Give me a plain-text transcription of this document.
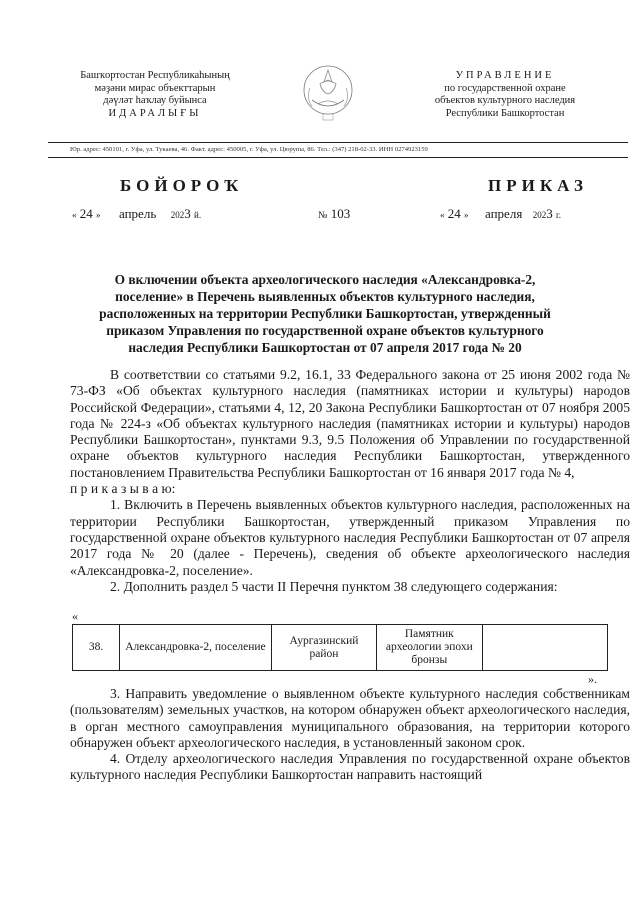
Башҡортостан Республикаһының
мәҙәни мирас объекттарын
дәүләт һаҡлау буйынса
ИДАРАЛЫҒЫ
УПРАВЛЕНИЕ
по государственной охране
объектов культурного наследия
Республики Башкортостан
Юр. адрес: 450101, г. Уфа, ул. Тукаева, 46. Факт. адрес: 450005, г. Уфа, ул. Цюрупы, 86. Тел.: (347) 218-02-33. ИНН 0274923159
БОЙОРОҠ	ПРИКАЗ
« 24 » апрель 2023 й.	№ 103	« 24 » апреля 2023 г.
О включении объекта археологического наследия «Александровка-2, поселение» в Перечень выявленных объектов культурного наследия, расположенных на территории Республики Башкортостан, утвержденный приказом Управления по государственной охране объектов культурного наследия Республики Башкортостан от 07 апреля 2017 года № 20

В соответствии со статьями 9.2, 16.1, 33 Федерального закона от 25 июня 2002 года № 73-ФЗ «Об объектах культурного наследия (памятниках истории и культуры) народов Российской Федерации», статьями 4, 12, 20 Закона Республики Башкортостан от 07 ноября 2005 года № 224-з «Об объектах культурного наследия (памятниках истории и культуры) народов Республики Башкортостан», пунктами 9.3, 9.5 Положения об Управлении по государственной охране объектов культурного наследия Республики Башкортостан, утвержденного постановлением Правительства Республики Башкортостан от 16 января 2017 года № 4,

п р и к а з ы в а ю:

1. Включить в Перечень выявленных объектов культурного наследия, расположенных на территории Республики Башкортостан, утвержденный приказом Управления по государственной охране объектов культурного наследия Республики Башкортостан от 07 апреля 2017 года № 20 (далее - Перечень), сведения об объекте археологического наследия «Александровка-2, поселение».

2. Дополнить раздел 5 части II Перечня пунктом 38 следующего содержания:

«
38.	Александровка-2, поселение	Аургазинский район	Памятник археологии эпохи бронзы	
».

3. Направить уведомление о выявленном объекте культурного наследия собственникам (пользователям) земельных участков, на котором обнаружен объект археологического наследия, в орган местного самоуправления муниципального образования, на территории которого обнаружен объект археологического наследия, в установленный законом срок.

4. Отделу археологического наследия Управления по государственной охране объектов культурного наследия Республики Башкортостан направить настоящий
